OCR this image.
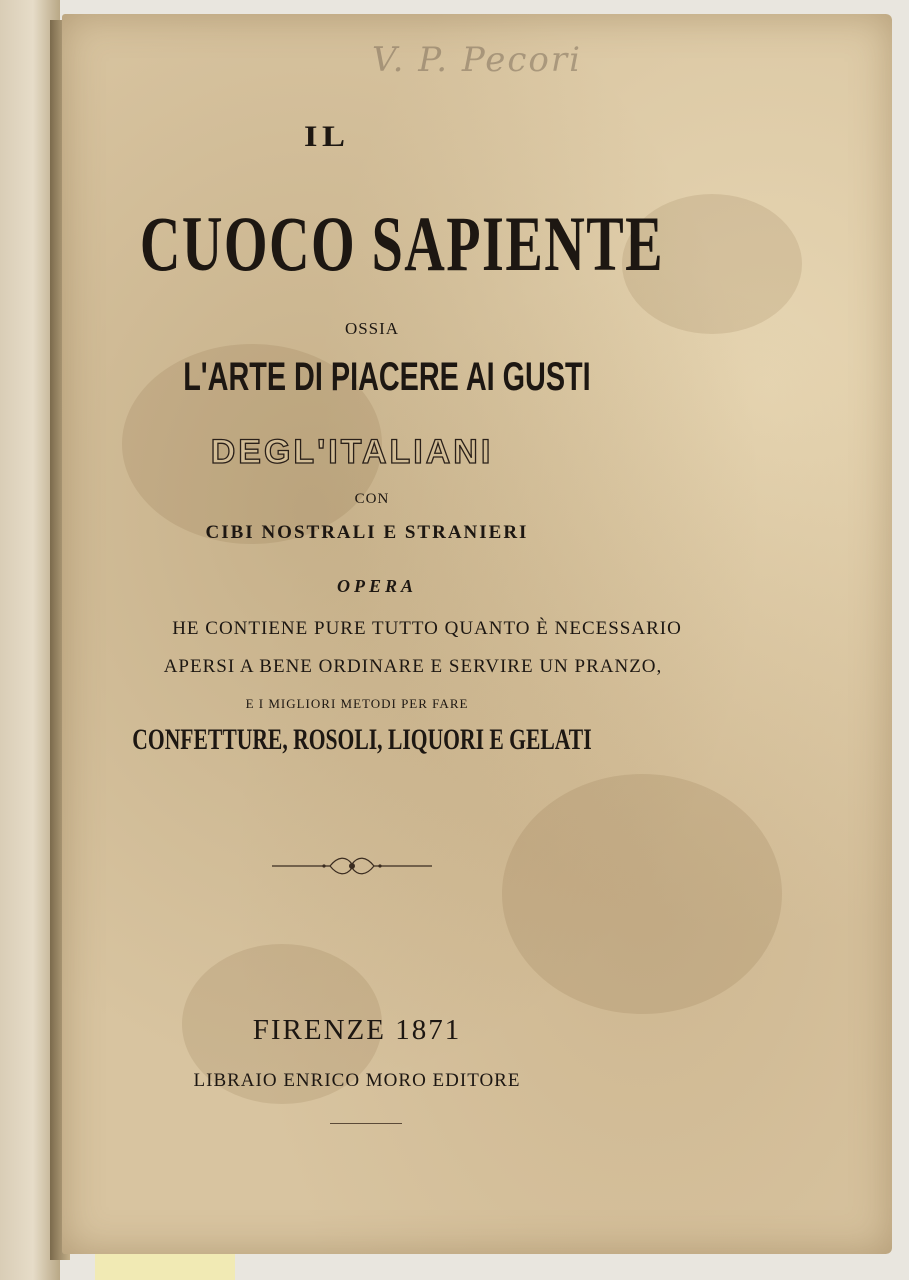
V. P. Pecori
IL
CUOCO SAPIENTE
OSSIA
L'ARTE DI PIACERE AI GUSTI
DEGL'ITALIANI
CON
CIBI NOSTRALI E STRANIERI
OPERA
HE CONTIENE PURE TUTTO QUANTO È NECESSARIO
APERSI A BENE ORDINARE E SERVIRE UN PRANZO,
E I MIGLIORI METODI PER FARE
CONFETTURE, ROSOLI, LIQUORI E GELATI
FIRENZE 1871
LIBRAIO ENRICO MORO EDITORE
